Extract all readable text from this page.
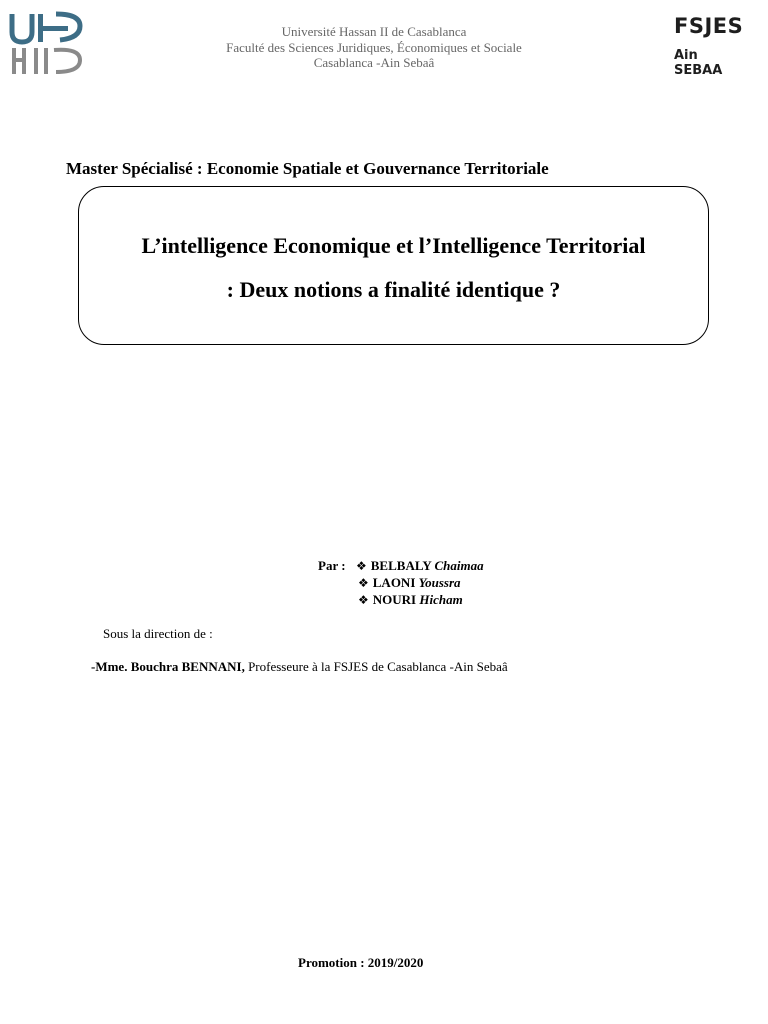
FSJES
Ain SEBAA
Université Hassan II de Casablanca
Faculté des Sciences Juridiques, Économiques et Sociale
Casablanca -Ain Sebaâ
Master Spécialisé : Economie Spatiale et Gouvernance Territoriale
L’intelligence Economique et l’Intelligence Territorial
: Deux notions a finalité identique ?
Par : ❖ BELBALY Chaimaa
❖ LAONI Youssra
❖ NOURI Hicham
Sous la direction de :
-Mme. Bouchra BENNANI, Professeure à la FSJES de Casablanca -Ain Sebaâ
Promotion : 2019/2020
